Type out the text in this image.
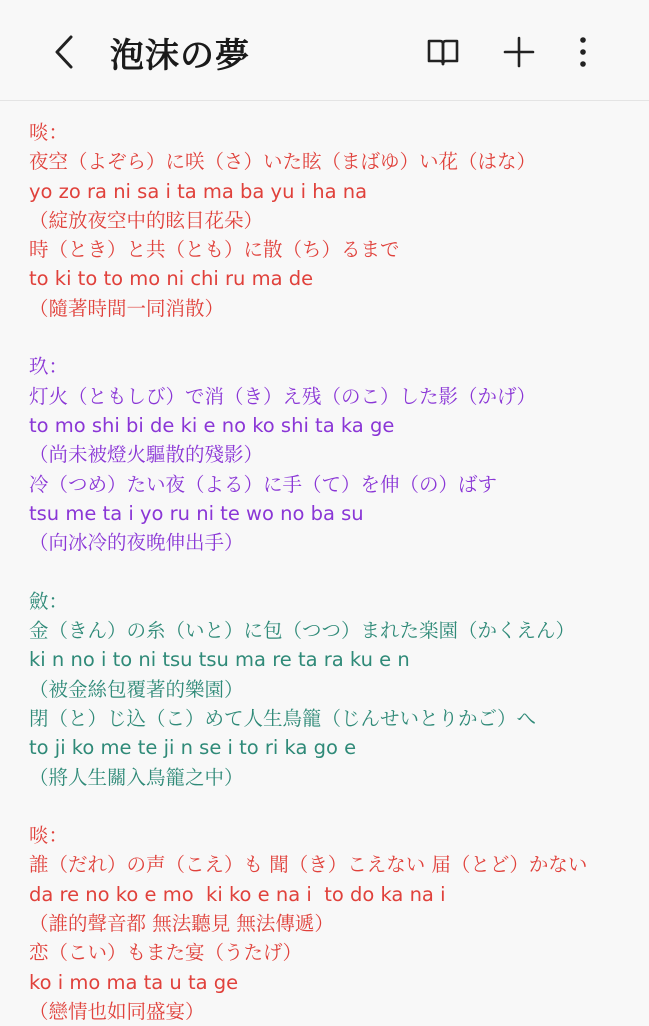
泡沫の夢
啖：
夜空（よぞら）に咲（さ）いた眩（まばゆ）い花（はな）
yo zo ra ni sa i ta ma ba yu i ha na
（綻放夜空中的眩目花朵）
時（とき）と共（とも）に散（ち）るまで
to ki to to mo ni chi ru ma de
（隨著時間一同消散）
玖：
灯火（ともしび）で消（き）え残（のこ）した影（かげ）
to mo shi bi de ki e no ko shi ta ka ge
（尚未被燈火驅散的殘影）
冷（つめ）たい夜（よる）に手（て）を伸（の）ばす
tsu me ta i yo ru ni te wo no ba su
（向冰冷的夜晚伸出手）
斂：
金（きん）の糸（いと）に包（つつ）まれた楽園（かくえん）
ki n no i to ni tsu tsu ma re ta ra ku e n
（被金絲包覆著的樂園）
閉（と）じ込（こ）めて人生鳥籠（じんせいとりかご）へ
to ji ko me te ji n se i to ri ka go e
（將人生關入鳥籠之中）
啖：
誰（だれ）の声（こえ）も 聞（き）こえない 届（とど）かない
da re no ko e mo  ki ko e na i  to do ka na i
（誰的聲音都 無法聽見 無法傳遞）
恋（こい）もまた宴（うたげ）
ko i mo ma ta u ta ge
（戀情也如同盛宴）
